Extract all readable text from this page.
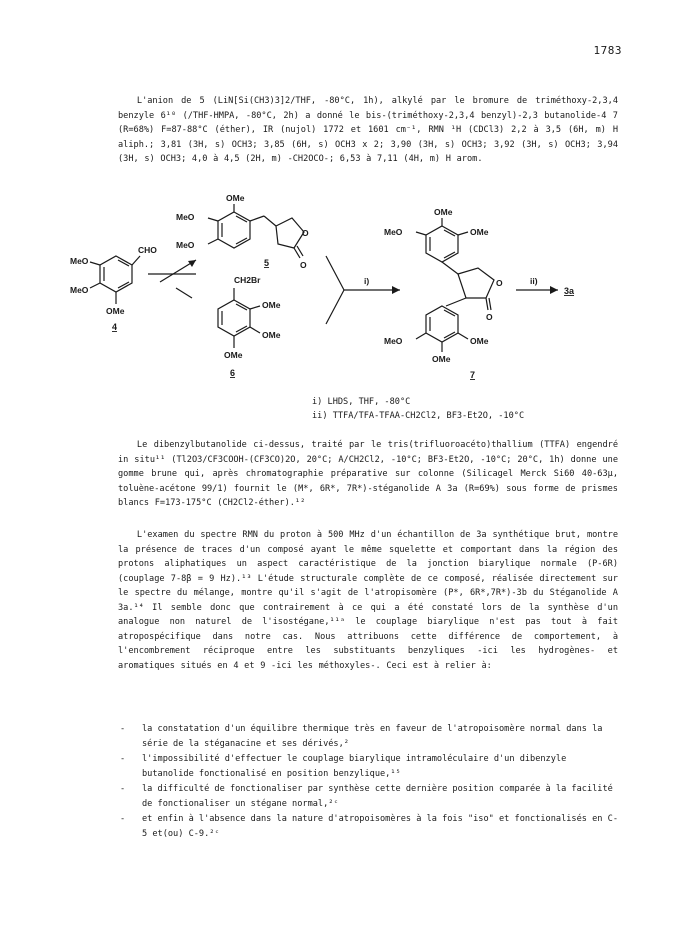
1783

L'anion de 5 (LiN[Si(CH3)3]2/THF, -80°C, 1h), alkylé par le bromure de triméthoxy-2,3,4 benzyle 6¹⁰ (/THF-HMPA, -80°C, 2h) a donné le bis-(triméthoxy-2,3,4 benzyl)-2,3 butanolide-4 7 (R=68%) F=87-88°C (éther), IR (nujol) 1772 et 1601 cm⁻¹, RMN ¹H (CDCl3) 2,2 à 3,5 (6H, m) H aliph.; 3,81 (3H, s) OCH3; 3,85 (6H, s) OCH3 x 2; 3,90 (3H, s) OCH3; 3,92 (3H, s) OCH3; 3,94 (3H, s) OCH3; 4,0 à 4,5 (2H, m) -CH2OCO-; 6,53 à 7,11 (4H, m) H arom.

CHO
MeO
MeO
OMe
4
OMe
MeO
MeO
O
O
5
CH2Br
OMe
OMe
OMe
6
i)
OMe
MeO	OMe
O
O
OMe
MeO
OMe
7
ii)
3a
i) LHDS, THF, -80°C
ii) TTFA/TFA-TFAA-CH2Cl2, BF3-Et2O, -10°C

Le dibenzylbutanolide ci-dessus, traité par le tris(trifluoroacéto)thallium (TTFA) engendré in situ¹¹ (Tl2O3/CF3COOH-(CF3CO)2O, 20°C; A/CH2Cl2, -10°C; BF3-Et2O, -10°C; 20°C, 1h) donne une gomme brune qui, après chromatographie préparative sur colonne (Silicagel Merck Si60 40-63µ, toluène-acétone 99/1) fournit le (M*, 6R*, 7R*)-stéganolide A 3a (R=69%) sous forme de prismes blancs F=173-175°C (CH2Cl2-éther).¹²

L'examen du spectre RMN du proton à 500 MHz d'un échantillon de 3a synthétique brut, montre la présence de traces d'un composé ayant le même squelette et comportant dans la région des protons aliphatiques un aspect caractéristique de la jonction biarylique normale (P-6R) (couplage 7-8β = 9 Hz).¹³ L'étude structurale complète de ce composé, réalisée directement sur le spectre du mélange, montre qu'il s'agit de l'atropisomère (P*, 6R*,7R*)-3b du Stéganolide A 3a.¹⁴ Il semble donc que contrairement à ce qui a été constaté lors de la synthèse d'un analogue non naturel de l'isostégane,¹¹ᵃ le couplage biarylique n'est pas tout à fait atropospécifique dans notre cas. Nous attribuons cette différence de comportement, à l'encombrement réciproque entre les substituants benzyliques -ici les hydrogènes- et aromatiques situés en 4 et 9 -ici les méthoxyles-. Ceci est à relier à:

- la constatation d'un équilibre thermique très en faveur de l'atropoisomère normal dans la série de la stéganacine et ses dérivés,²
- l'impossibilité d'effectuer le couplage biarylique intramoléculaire d'un dibenzyle butanolide fonctionalisé en position benzylique,¹⁵
- la difficulté de fonctionaliser par synthèse cette dernière position comparée à la facilité de fonctionaliser un stégane normal,²ᶜ
- et enfin à l'absence dans la nature d'atropoisomères à la fois "iso" et fonctionalisés en C-5 et(ou) C-9.²ᶜ
